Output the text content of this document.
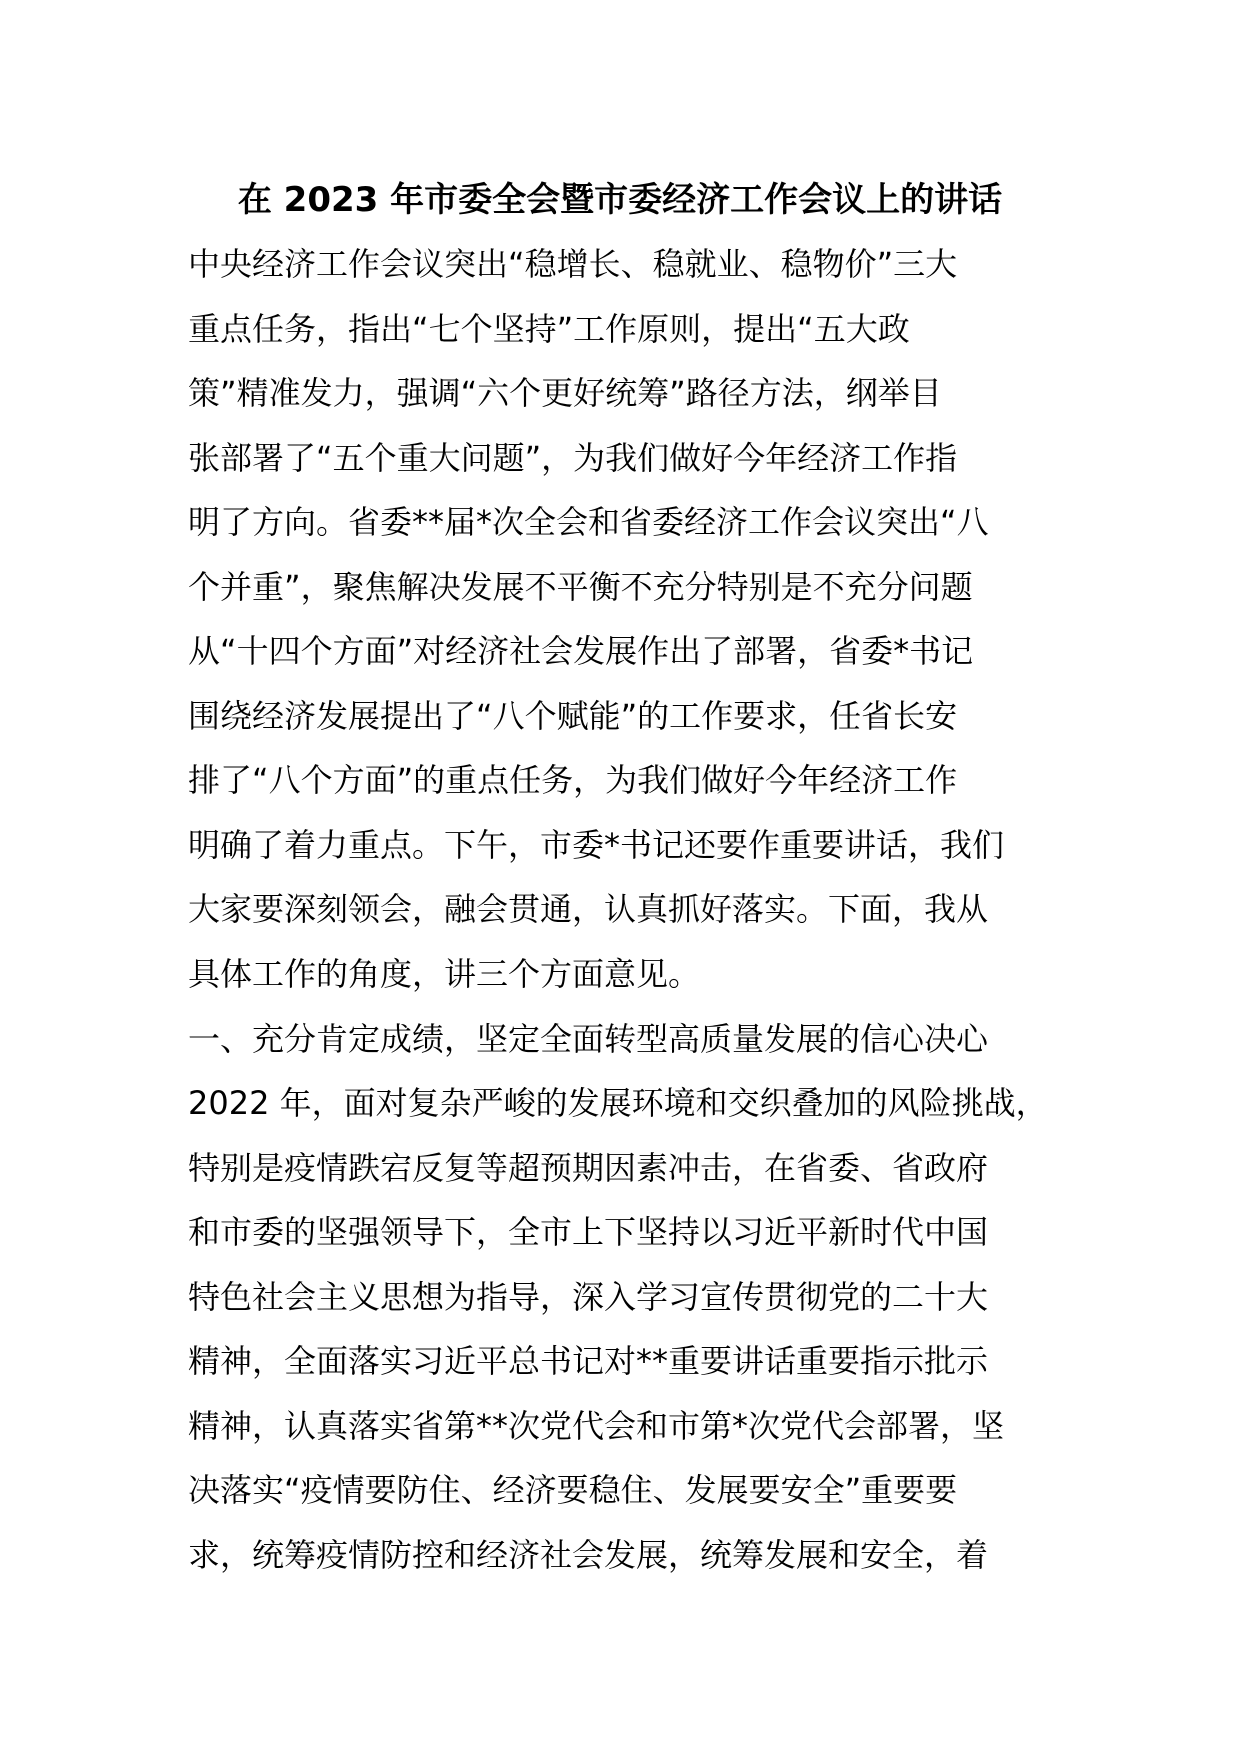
在 2023 年市委全会暨市委经济工作会议上的讲话
中央经济工作会议突出“稳增长、稳就业、稳物价”三大
重点任务，指出“七个坚持”工作原则，提出“五大政
策”精准发力，强调“六个更好统筹”路径方法，纲举目
张部署了“五个重大问题”，为我们做好今年经济工作指
明了方向。省委**届*次全会和省委经济工作会议突出“八
个并重”，聚焦解决发展不平衡不充分特别是不充分问题
从“十四个方面”对经济社会发展作出了部署，省委*书记
围绕经济发展提出了“八个赋能”的工作要求，任省长安
排了“八个方面”的重点任务，为我们做好今年经济工作
明确了着力重点。下午，市委*书记还要作重要讲话，我们
大家要深刻领会，融会贯通，认真抓好落实。下面，我从
具体工作的角度，讲三个方面意见。
一、充分肯定成绩，坚定全面转型高质量发展的信心决心
2022 年，面对复杂严峻的发展环境和交织叠加的风险挑战，
特别是疫情跌宕反复等超预期因素冲击，在省委、省政府
和市委的坚强领导下，全市上下坚持以习近平新时代中国
特色社会主义思想为指导，深入学习宣传贯彻党的二十大
精神，全面落实习近平总书记对**重要讲话重要指示批示
精神，认真落实省第**次党代会和市第*次党代会部署，坚
决落实“疫情要防住、经济要稳住、发展要安全”重要要
求，统筹疫情防控和经济社会发展，统筹发展和安全，着
